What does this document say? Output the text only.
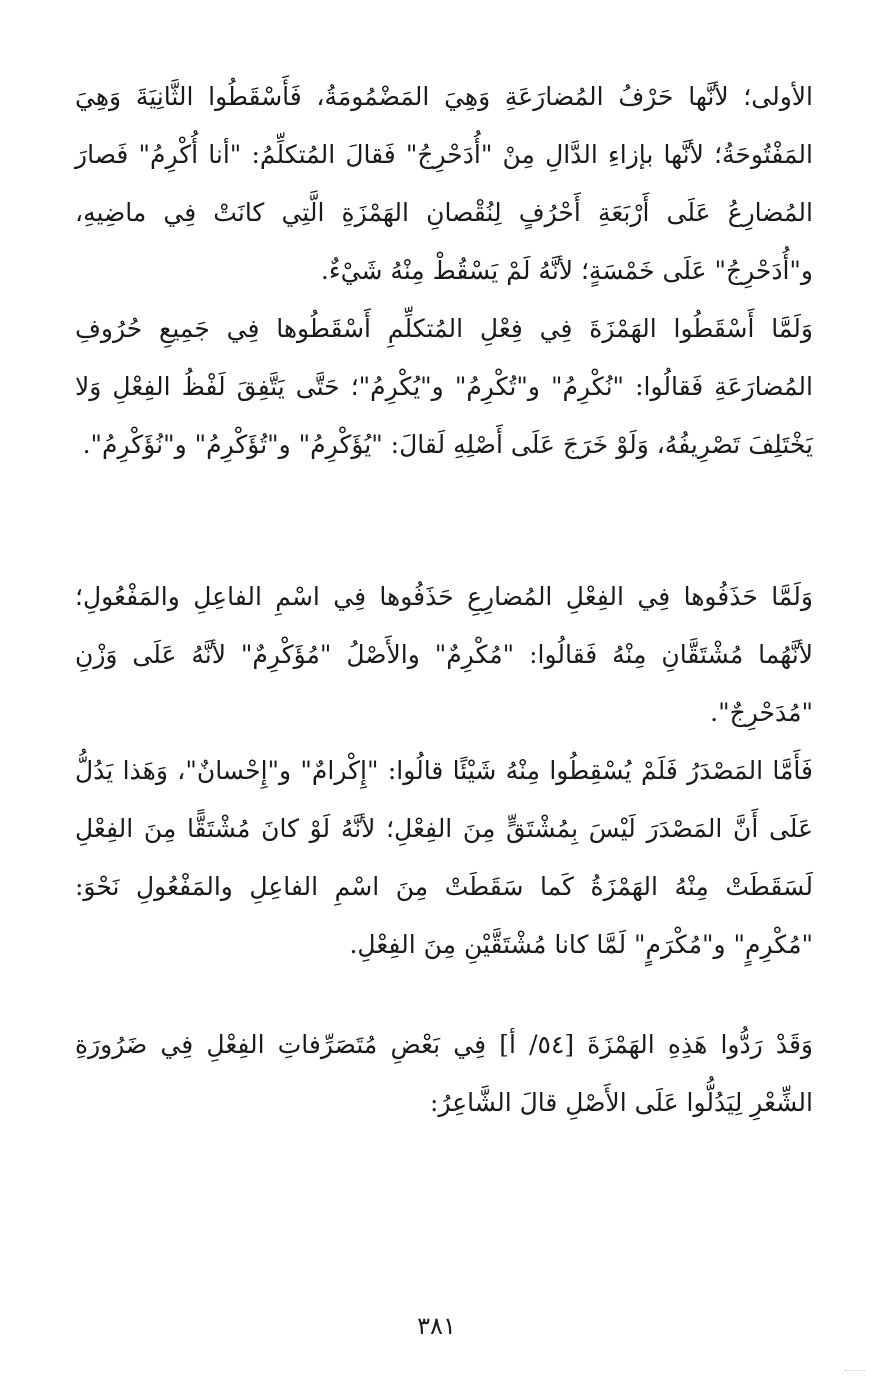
الأولى؛ لأنَّها حَرْفُ المُضارَعَةِ وَهِيَ المَضْمُومَةُ، فَأَسْقَطُوا الثَّانِيَةَ وَهِيَ المَفْتُوحَةُ؛ لأنَّها بإزاءِ الدَّالِ مِنْ "أُدَحْرِجُ" فَقالَ المُتكلِّمُ: "أنا أُكْرِمُ" فَصارَ المُضارِعُ عَلَى أَرْبَعَةِ أَحْرُفٍ لِنُقْصانِ الهَمْزَةِ الَّتِي كانَتْ فِي ماضِيهِ، و"أُدَحْرِجُ" عَلَى خَمْسَةٍ؛ لأنَّهُ لَمْ يَسْقُطْ مِنْهُ شَيْءٌ.

وَلَمَّا أَسْقَطُوا الهَمْزَةَ فِي فِعْلِ المُتكلِّمِ أَسْقَطُوها فِي جَمِيعِ حُرُوفِ المُضارَعَةِ فَقالُوا: "نُكْرِمُ" و"تُكْرِمُ" و"يُكْرِمُ"؛ حَتَّى يَتَّفِقَ لَفْظُ الفِعْلِ وَلا يَخْتَلِفَ تَصْرِيفُهُ، وَلَوْ خَرَجَ عَلَى أَصْلِهِ لَقالَ: "يُؤَكْرِمُ" و"تُؤَكْرِمُ" و"نُؤَكْرِمُ".

وَلَمَّا حَذَفُوها فِي الفِعْلِ المُضارِعِ حَذَفُوها فِي اسْمِ الفاعِلِ والمَفْعُولِ؛ لأنَّهُما مُشْتَقَّانِ مِنْهُ فَقالُوا: "مُكْرِمٌ" والأَصْلُ "مُؤَكْرِمٌ" لأنَّهُ عَلَى وَزْنِ "مُدَحْرِجٌ".

فَأَمَّا المَصْدَرُ فَلَمْ يُسْقِطُوا مِنْهُ شَيْئًا قالُوا: "إِكْرامٌ" و"إِحْسانٌ"، وَهَذا يَدُلُّ عَلَى أَنَّ المَصْدَرَ لَيْسَ بِمُشْتَقٍّ مِنَ الفِعْلِ؛ لأنَّهُ لَوْ كانَ مُشْتَقًّا مِنَ الفِعْلِ لَسَقَطَتْ مِنْهُ الهَمْزَةُ كَما سَقَطَتْ مِنَ اسْمِ الفاعِلِ والمَفْعُولِ نَحْوَ: "مُكْرِمٍ" و"مُكْرَمٍ" لَمَّا كانا مُشْتَقَّيْنِ مِنَ الفِعْلِ.

وَقَدْ رَدُّوا هَذِهِ الهَمْزَةَ [٥٤/ أ] فِي بَعْضِ مُتَصَرِّفاتِ الفِعْلِ فِي ضَرُورَةِ الشِّعْرِ لِيَدُلُّوا عَلَى الأَصْلِ قالَ الشَّاعِرُ:

٣٨١
